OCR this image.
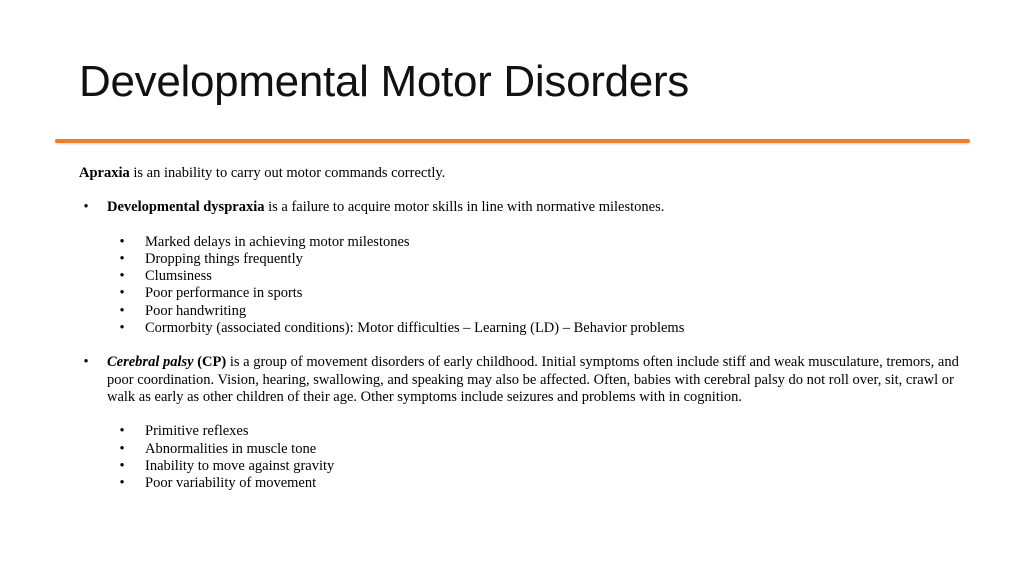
Developmental Motor Disorders

Apraxia is an inability to carry out motor commands correctly.

•	Developmental dyspraxia is a failure to acquire motor skills in line with normative milestones.
•	Marked delays in achieving motor milestones
•	Dropping things frequently
•	Clumsiness
•	Poor performance in sports
•	Poor handwriting
•	Cormorbity (associated conditions): Motor difficulties – Learning (LD) – Behavior problems
•	Cerebral palsy (CP) is a group of movement disorders of early childhood. Initial symptoms often include stiff and weak musculature, tremors, and poor coordination. Vision, hearing, swallowing, and speaking may also be affected. Often, babies with cerebral palsy do not roll over, sit, crawl or walk as early as other children of their age. Other symptoms include seizures and problems with in cognition.
•	Primitive reflexes
•	Abnormalities in muscle tone
•	Inability to move against gravity
•	Poor variability of movement
